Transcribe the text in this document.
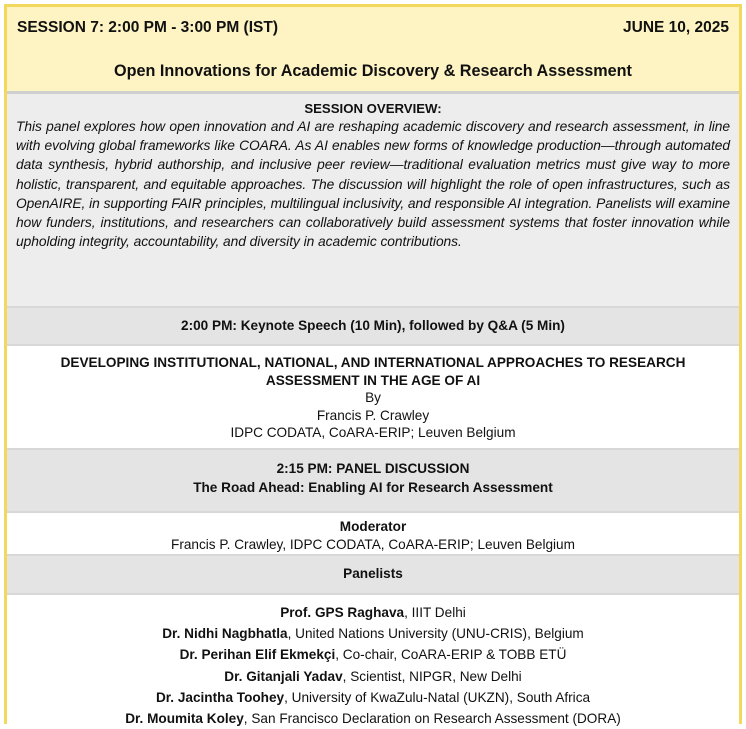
SESSION 7: 2:00 PM - 3:00 PM (IST)	JUNE 10, 2025
Open Innovations for Academic Discovery & Research Assessment
SESSION OVERVIEW:
This panel explores how open innovation and AI are reshaping academic discovery and research assessment, in line with evolving global frameworks like COARA. As AI enables new forms of knowledge production—through automated data synthesis, hybrid authorship, and inclusive peer review—traditional evaluation metrics must give way to more holistic, transparent, and equitable approaches. The discussion will highlight the role of open infrastructures, such as OpenAIRE, in supporting FAIR principles, multilingual inclusivity, and responsible AI integration. Panelists will examine how funders, institutions, and researchers can collaboratively build assessment systems that foster innovation while upholding integrity, accountability, and diversity in academic contributions.
2:00 PM: Keynote Speech (10 Min), followed by Q&A (5 Min)
DEVELOPING INSTITUTIONAL, NATIONAL, AND INTERNATIONAL APPROACHES TO RESEARCH
ASSESSMENT IN THE AGE OF AI
By
Francis P. Crawley
IDPC CODATA, CoARA-ERIP; Leuven Belgium
2:15 PM: PANEL DISCUSSION
The Road Ahead: Enabling AI for Research Assessment
Moderator
Francis P. Crawley, IDPC CODATA, CoARA-ERIP; Leuven Belgium
Panelists
Prof. GPS Raghava, IIIT Delhi
Dr. Nidhi Nagbhatla, United Nations University (UNU-CRIS), Belgium
Dr. Perihan Elif Ekmekçi, Co-chair, CoARA-ERIP & TOBB ETÜ
Dr. Gitanjali Yadav, Scientist, NIPGR, New Delhi
Dr. Jacintha Toohey, University of KwaZulu-Natal (UKZN), South Africa
Dr. Moumita Koley, San Francisco Declaration on Research Assessment (DORA)
